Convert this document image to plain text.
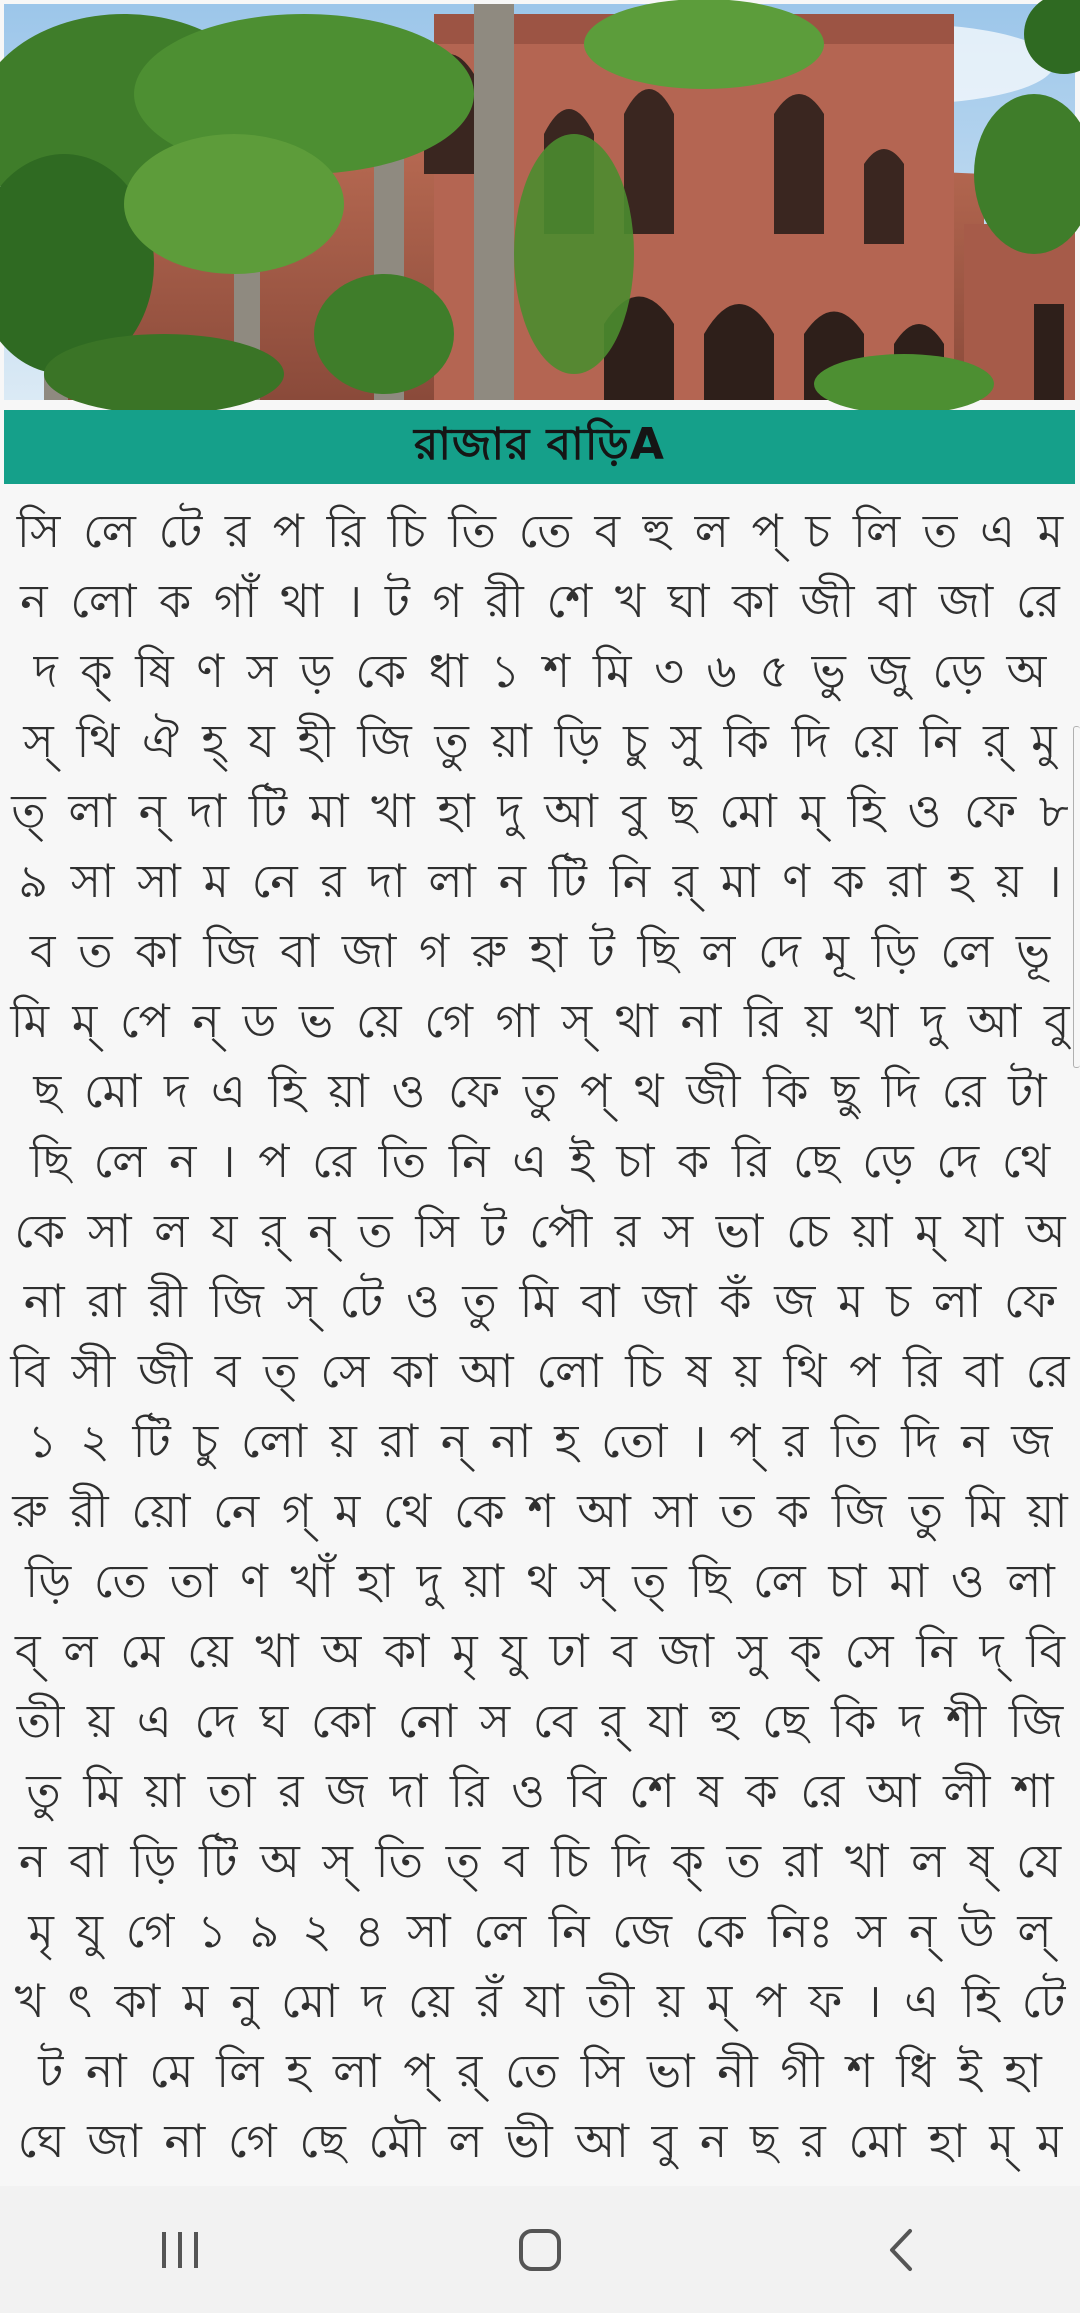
রাজার বাড়িA

সি লে টে র প রি চি তি তে ব হু ল প্ চ লি ত এ ম ন লো ক গাঁ থা । ট গ রী শে খ ঘা কা জী বা জা রে দ ক্ ষি ণ স ড় কে ধা ১ শ মি ৩ ৬ ৫ ভু জু ড়ে অ স্ থি ঐ হ্ য হী জি তু য়া ড়ি চু সু কি দি য়ে নি র্ মু ত্ লা ন্ দা টি মা খা হা দু আ বু ছ মো ম্ হি ও ফে ৮ ৯ সা সা ম নে র দা লা ন টি নি র্ মা ণ ক রা হ য় । ব ত কা জি বা জা গ রু হা ট ছি ল দে মূ ড়ি লে ভূ মি ম্ পে ন্ ড ভ য়ে গে গা স্ থা না রি য় খা দু আ বু ছ মো দ এ হি য়া ও ফে তু প্ থ জী কি ছু দি রে টা ছি লে ন । প রে তি নি এ ই চা ক রি ছে ড়ে দে থে কে সা ল য র্ ন্ ত সি ট পৌ র স ভা চে য়া ম্ যা অ না রা রী জি স্ টে ও তু মি বা জা কঁ জ ম চ লা ফে বি সী জী ব ত্ সে কা আ লো চি ষ য় থি প রি বা রে ১ ২ টি চু লো য় রা ন্ না হ তো । প্ র তি দি ন জ রু রী য়ো নে গ্ ম থে কে শ আ সা ত ক জি তু মি য়া ড়ি তে তা ণ খাঁ হা দু য়া থ স্ ত্ ছি লে চা মা ও লা ব্ ল মে য়ে খা অ কা মৃ যু ঢা ব জা সু ক্ সে নি দ্ বি তী য় এ দে ঘ কো নো স বে র্ যা হু ছে কি দ শী জি তু মি য়া তা র জ দা রি ও বি শে ষ ক রে আ লী শা ন বা ড়ি টি অ স্ তি ত্ ব চি দি ক্ ত রা খা ল ষ্ যে মৃ যু গে ১ ৯ ২ ৪ সা লে নি জে কে নিঃ স ন্ উ ল্ খ ৎ কা ম নু মো দ য়ে রঁ যা তী য় ম্ প ফ । এ হি টে ট না মে লি হ লা প্ র্ তে সি ভা নী গী শ ধি ই হা ঘে জা না গে ছে মৌ ল ভী আ বু ন ছ র মো হা ম্ ম
